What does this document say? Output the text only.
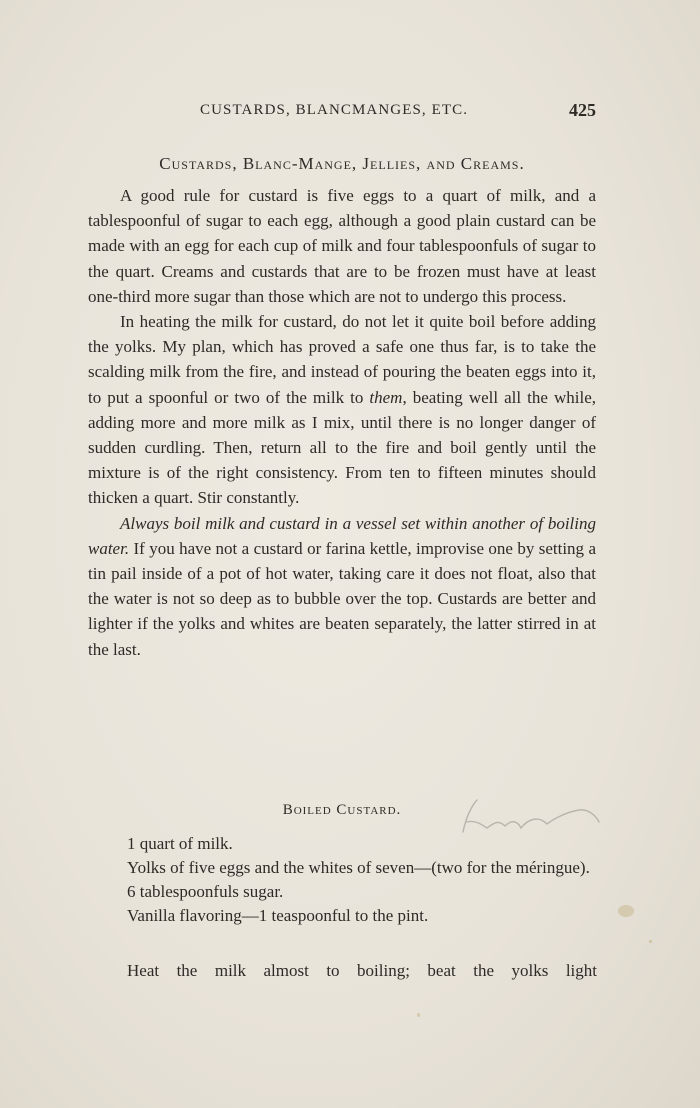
CUSTARDS, BLANCMANGES, ETC.	425
Custards, Blanc-Mange, Jellies, and Creams.

A good rule for custard is five eggs to a quart of milk, and a tablespoonful of sugar to each egg, although a good plain custard can be made with an egg for each cup of milk and four tablespoonfuls of sugar to the quart. Creams and custards that are to be frozen must have at least one-third more sugar than those which are not to undergo this process.

In heating the milk for custard, do not let it quite boil before adding the yolks. My plan, which has proved a safe one thus far, is to take the scalding milk from the fire, and instead of pouring the beaten eggs into it, to put a spoonful or two of the milk to them, beating well all the while, adding more and more milk as I mix, until there is no longer danger of sudden curdling. Then, return all to the fire and boil gently until the mixture is of the right consistency. From ten to fifteen minutes should thicken a quart. Stir constantly.

Always boil milk and custard in a vessel set within another of boiling water. If you have not a custard or farina kettle, improvise one by setting a tin pail inside of a pot of hot water, taking care it does not float, also that the water is not so deep as to bubble over the top. Custards are better and lighter if the yolks and whites are beaten separately, the latter stirred in at the last.

Boiled Custard.
1 quart of milk.
Yolks of five eggs and the whites of seven—(two for the méringue).
6 tablespoonfuls sugar.
Vanilla flavoring—1 teaspoonful to the pint.

Heat the milk almost to boiling; beat the yolks light
